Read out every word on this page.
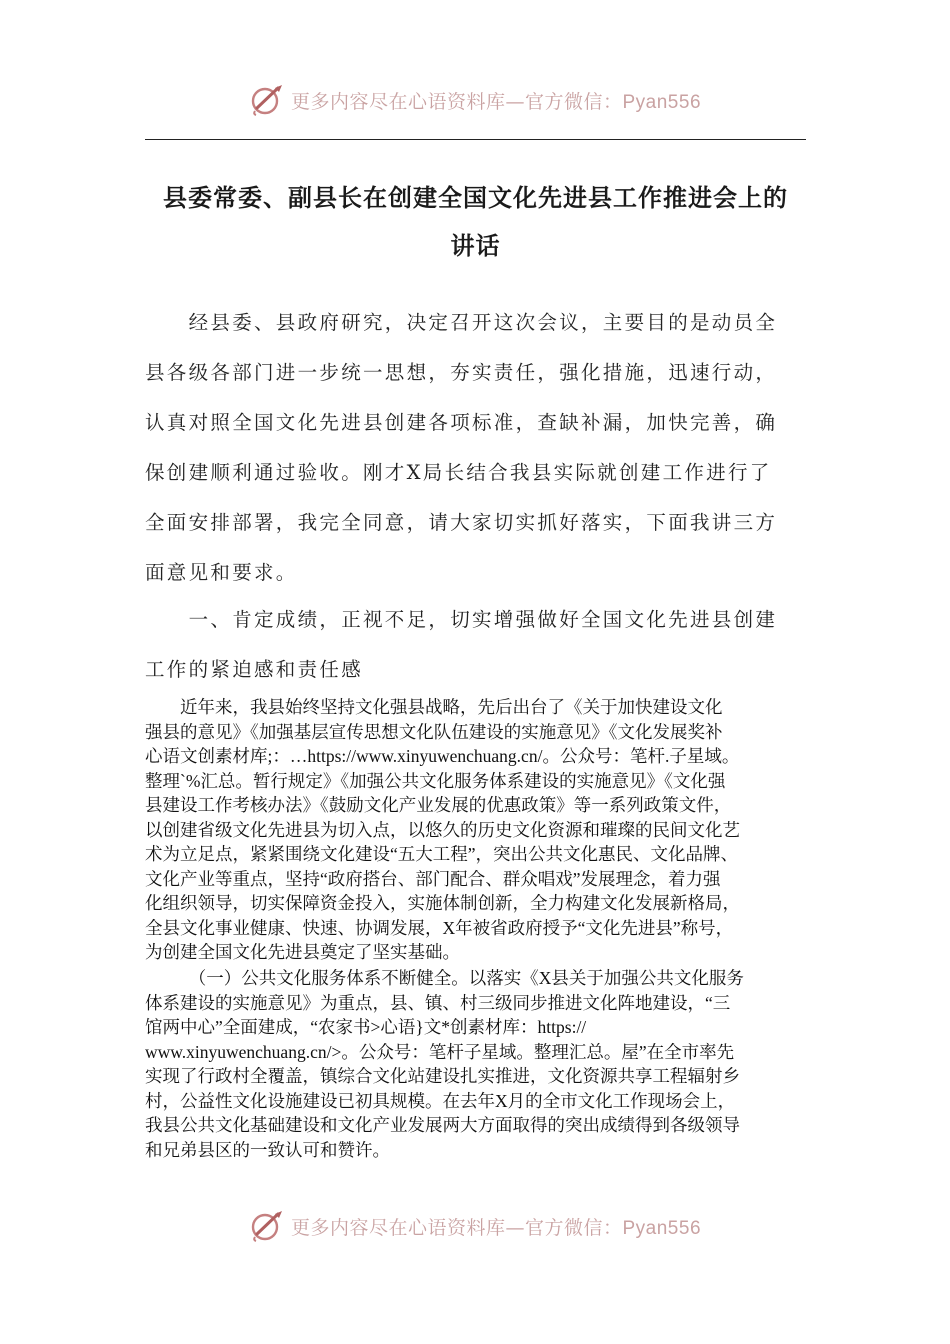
更多内容尽在心语资料库—官方微信：Pyan556
县委常委、副县长在创建全国文化先进县工作推进会上的
讲话
　　经县委、县政府研究，决定召开这次会议，主要目的是动员全
县各级各部门进一步统一思想，夯实责任，强化措施，迅速行动，
认真对照全国文化先进县创建各项标准，查缺补漏，加快完善，确
保创建顺利通过验收。刚才X局长结合我县实际就创建工作进行了
全面安排部署，我完全同意，请大家切实抓好落实，下面我讲三方
面意见和要求。
　　一、肯定成绩，正视不足，切实增强做好全国文化先进县创建
工作的紧迫感和责任感
　　近年来，我县始终坚持文化强县战略，先后出台了《关于加快建设文化
强县的意见》《加强基层宣传思想文化队伍建设的实施意见》《文化发展奖补
心语文创素材库;：…https://www.xinyuwenchuang.cn/。公众号：笔杆.子星域。
整理`%汇总。暂行规定》《加强公共文化服务体系建设的实施意见》《文化强
县建设工作考核办法》《鼓励文化产业发展的优惠政策》等一系列政策文件，
以创建省级文化先进县为切入点，以悠久的历史文化资源和璀璨的民间文化艺
术为立足点，紧紧围绕文化建设“五大工程”，突出公共文化惠民、文化品牌、
文化产业等重点，坚持“政府搭台、部门配合、群众唱戏”发展理念，着力强
化组织领导，切实保障资金投入，实施体制创新，全力构建文化发展新格局，
全县文化事业健康、快速、协调发展，X年被省政府授予“文化先进县”称号，
为创建全国文化先进县奠定了坚实基础。
　　　（一）公共文化服务体系不断健全。以落实《X县关于加强公共文化服务
体系建设的实施意见》为重点，县、镇、村三级同步推进文化阵地建设，“三
馆两中心”全面建成，“农家书>心语}文*创素材库：https://
www.xinyuwenchuang.cn/>。公众号：笔杆子星域。整理汇总。屋”在全市率先
实现了行政村全覆盖，镇综合文化站建设扎实推进，文化资源共享工程辐射乡
村，公益性文化设施建设已初具规模。在去年X月的全市文化工作现场会上，
我县公共文化基础建设和文化产业发展两大方面取得的突出成绩得到各级领导
和兄弟县区的一致认可和赞许。
更多内容尽在心语资料库—官方微信：Pyan556
